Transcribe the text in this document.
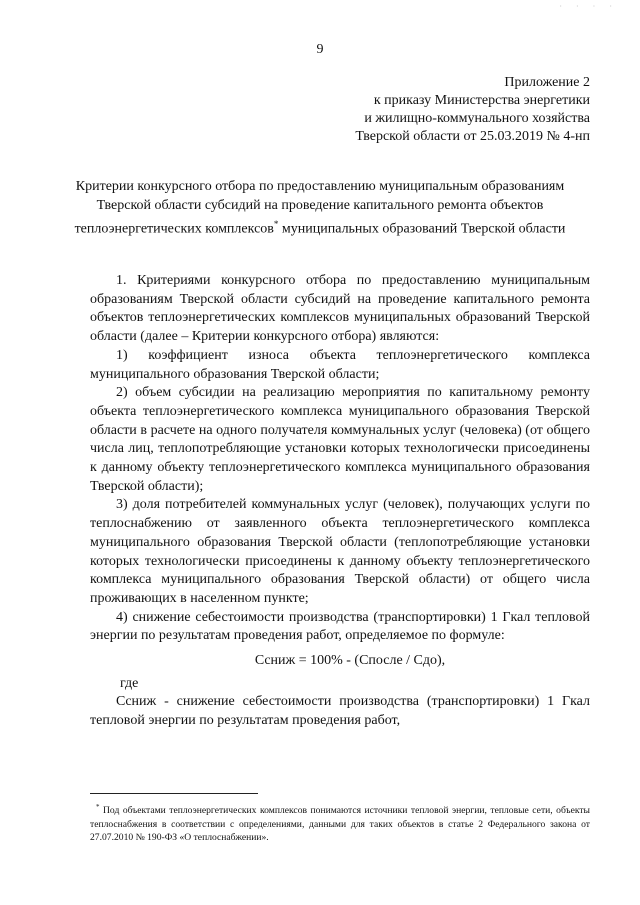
· · · ·
9
Приложение 2
к приказу Министерства энергетики
и жилищно-коммунального хозяйства
Тверской области от 25.03.2019 № 4-нп
Критерии конкурсного отбора по предоставлению муниципальным образованиям Тверской области субсидий на проведение капитального ремонта объектов теплоэнергетических комплексов* муниципальных образований Тверской области

1. Критериями конкурсного отбора по предоставлению муниципальным образованиям Тверской области субсидий на проведение капитального ремонта объектов теплоэнергетических комплексов муниципальных образований Тверской области (далее – Критерии конкурсного отбора) являются:

1) коэффициент износа объекта теплоэнергетического комплекса муниципального образования Тверской области;

2) объем субсидии на реализацию мероприятия по капитальному ремонту объекта теплоэнергетического комплекса муниципального образования Тверской области в расчете на одного получателя коммунальных услуг (человека) (от общего числа лиц, теплопотребляющие установки которых технологически присоединены к данному объекту теплоэнергетического комплекса муниципального образования Тверской области);

3) доля потребителей коммунальных услуг (человек), получающих услуги по теплоснабжению от заявленного объекта теплоэнергетического комплекса муниципального образования Тверской области (теплопотребляющие установки которых технологически присоединены к данному объекту теплоэнергетического комплекса муниципального образования Тверской области) от общего числа проживающих в населенном пункте;

4) снижение себестоимости производства (транспортировки) 1 Гкал тепловой энергии по результатам проведения работ, определяемое по формуле:

Ссниж = 100% - (Спосле / Сдо),

где

Сcниж - снижение себестоимости производства (транспортировки) 1 Гкал тепловой энергии по результатам проведения работ,

* Под объектами теплоэнергетических комплексов понимаются источники тепловой энергии, тепловые сети, объекты теплоснабжения в соответствии с определениями, данными для таких объектов в статье 2 Федерального закона от 27.07.2010 № 190-ФЗ «О теплоснабжении».
